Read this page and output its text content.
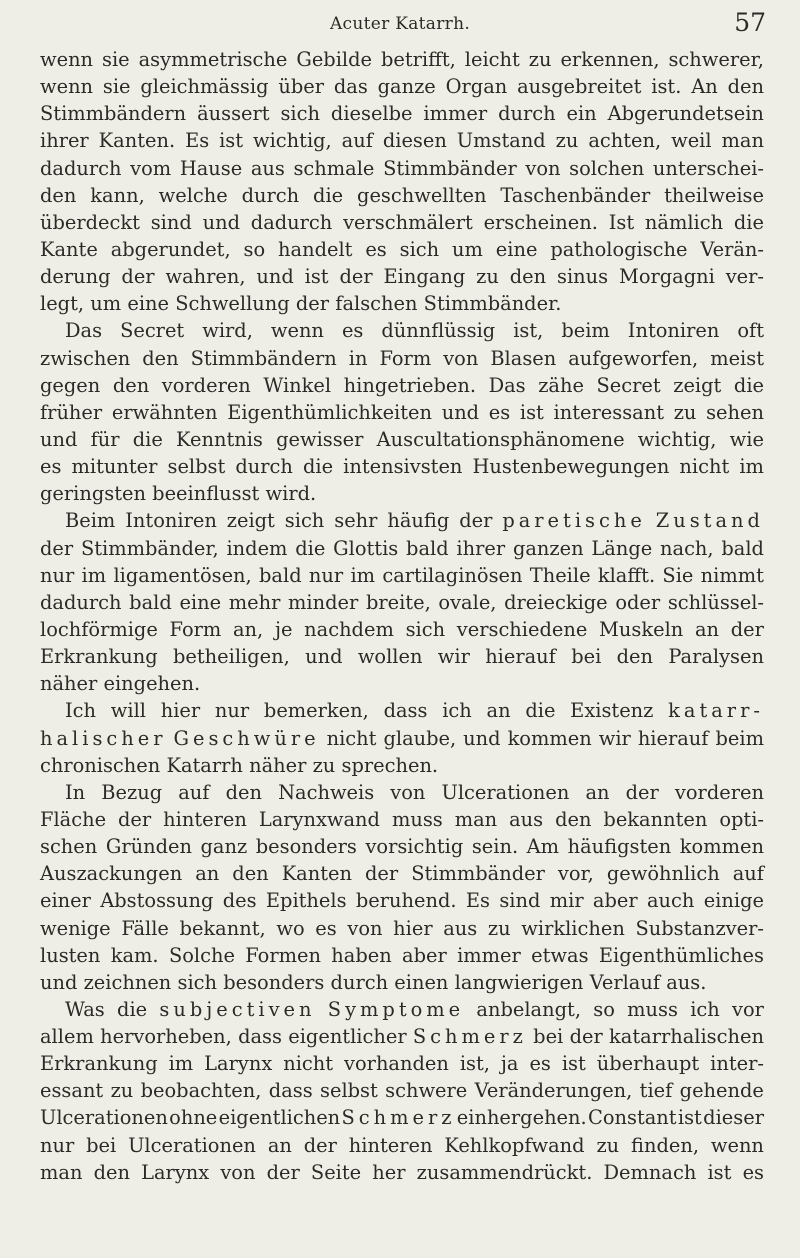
Acuter Katarrh.	57
wenn sie asymmetrische Gebilde betrifft, leicht zu erkennen, schwerer,
wenn sie gleichmässig über das ganze Organ ausgebreitet ist. An den
Stimmbändern äussert sich dieselbe immer durch ein Abgerundetsein
ihrer Kanten. Es ist wichtig, auf diesen Umstand zu achten, weil man
dadurch vom Hause aus schmale Stimmbänder von solchen unterschei-
den kann, welche durch die geschwellten Taschenbänder theilweise
überdeckt sind und dadurch verschmälert erscheinen. Ist nämlich die
Kante abgerundet, so handelt es sich um eine pathologische Verän-
derung der wahren, und ist der Eingang zu den sinus Morgagni ver-
legt, um eine Schwellung der falschen Stimmbänder.
Das Secret wird, wenn es dünnflüssig ist, beim Intoniren oft
zwischen den Stimmbändern in Form von Blasen aufgeworfen, meist
gegen den vorderen Winkel hingetrieben. Das zähe Secret zeigt die
früher erwähnten Eigenthümlichkeiten und es ist interessant zu sehen
und für die Kenntnis gewisser Auscultationsphänomene wichtig, wie
es mitunter selbst durch die intensivsten Hustenbewegungen nicht im
geringsten beeinflusst wird.
Beim Intoniren zeigt sich sehr häufig der paretische Zustand
der Stimmbänder, indem die Glottis bald ihrer ganzen Länge nach, bald
nur im ligamentösen, bald nur im cartilaginösen Theile klafft. Sie nimmt
dadurch bald eine mehr minder breite, ovale, dreieckige oder schlüssel-
lochförmige Form an, je nachdem sich verschiedene Muskeln an der
Erkrankung betheiligen, und wollen wir hierauf bei den Paralysen
näher eingehen.
Ich will hier nur bemerken, dass ich an die Existenz katarr-
halischer Geschwüre nicht glaube, und kommen wir hierauf beim
chronischen Katarrh näher zu sprechen.
In Bezug auf den Nachweis von Ulcerationen an der vorderen
Fläche der hinteren Larynxwand muss man aus den bekannten opti-
schen Gründen ganz besonders vorsichtig sein. Am häufigsten kommen
Auszackungen an den Kanten der Stimmbänder vor, gewöhnlich auf
einer Abstossung des Epithels beruhend. Es sind mir aber auch einige
wenige Fälle bekannt, wo es von hier aus zu wirklichen Substanzver-
lusten kam. Solche Formen haben aber immer etwas Eigenthümliches
und zeichnen sich besonders durch einen langwierigen Verlauf aus.
Was die subjectiven Symptome anbelangt, so muss ich vor
allem hervorheben, dass eigentlicher Schmerz bei der katarrhalischen
Erkrankung im Larynx nicht vorhanden ist, ja es ist überhaupt inter-
essant zu beobachten, dass selbst schwere Veränderungen, tief gehende
Ulcerationen ohne eigentlichen Schmerz einhergehen. Constant ist dieser
nur bei Ulcerationen an der hinteren Kehlkopfwand zu finden, wenn
man den Larynx von der Seite her zusammendrückt. Demnach ist es
